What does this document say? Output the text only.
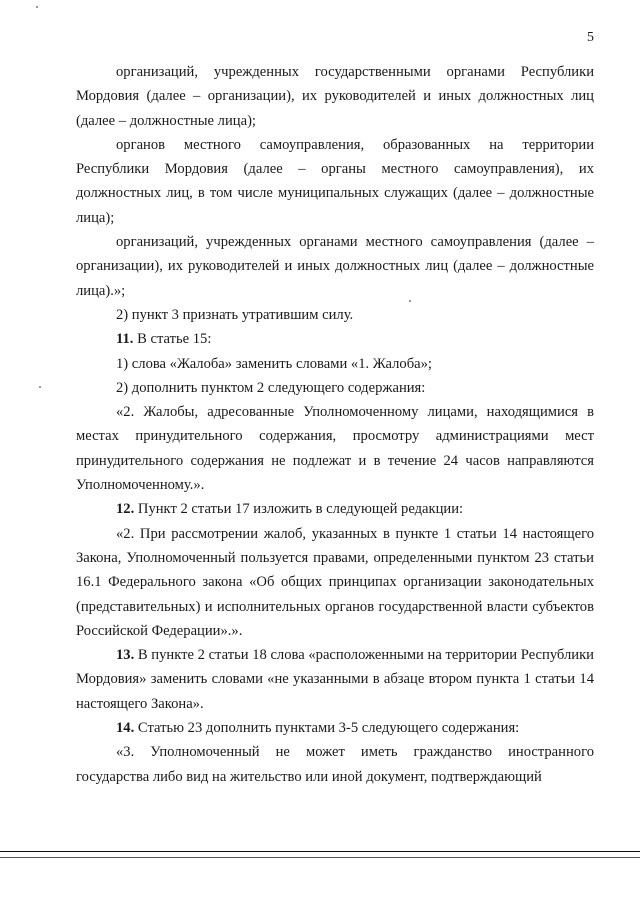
5

организаций, учрежденных государственными органами Республики Мордовия (далее – организации), их руководителей и иных должностных лиц (далее – должностные лица);

органов местного самоуправления, образованных на территории Республики Мордовия (далее – органы местного самоуправления), их должностных лиц, в том числе муниципальных служащих (далее – должностные лица);

организаций, учрежденных органами местного самоуправления (далее – организации), их руководителей и иных должностных лиц (далее – должностные лица).»;

2) пункт 3 признать утратившим силу.

11. В статье 15:

1) слова «Жалоба» заменить словами «1. Жалоба»;

2) дополнить пунктом 2 следующего содержания:

«2. Жалобы, адресованные Уполномоченному лицами, находящимися в местах принудительного содержания, просмотру администрациями мест принудительного содержания не подлежат и в течение 24 часов направляются Уполномоченному.».

12. Пункт 2 статьи 17 изложить в следующей редакции:

«2. При рассмотрении жалоб, указанных в пункте 1 статьи 14 настоящего Закона, Уполномоченный пользуется правами, определенными пунктом 23 статьи 16.1 Федерального закона «Об общих принципах организации законодательных (представительных) и исполнительных органов государственной власти субъектов Российской Федерации».».

13. В пункте 2 статьи 18 слова «расположенными на территории Республики Мордовия» заменить словами «не указанными в абзаце втором пункта 1 статьи 14 настоящего Закона».

14. Статью 23 дополнить пунктами 3-5 следующего содержания:

«3. Уполномоченный не может иметь гражданство иностранного государства либо вид на жительство или иной документ, подтверждающий
